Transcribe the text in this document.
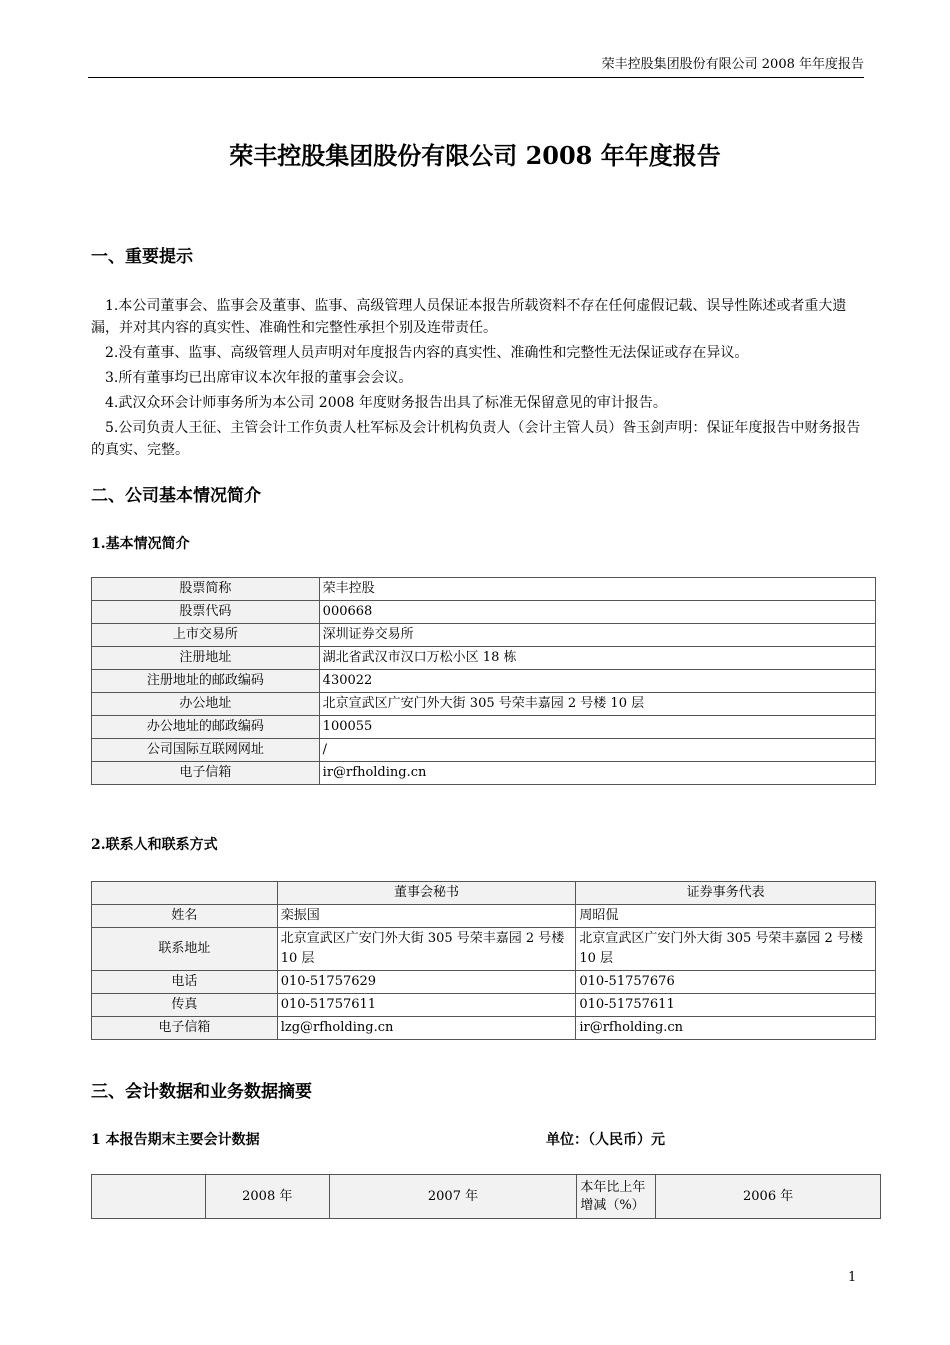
荣丰控股集团股份有限公司 2008 年年度报告
荣丰控股集团股份有限公司 2008 年年度报告
一、重要提示

1.本公司董事会、监事会及董事、监事、高级管理人员保证本报告所载资料不存在任何虚假记载、误导性陈述或者重大遗漏，并对其内容的真实性、准确性和完整性承担个别及连带责任。

2.没有董事、监事、高级管理人员声明对年度报告内容的真实性、准确性和完整性无法保证或存在异议。

3.所有董事均已出席审议本次年报的董事会会议。

4.武汉众环会计师事务所为本公司 2008 年度财务报告出具了标准无保留意见的审计报告。

5.公司负责人王征、主管会计工作负责人杜军标及会计机构负责人（会计主管人员）昝玉剑声明：保证年度报告中财务报告的真实、完整。

二、公司基本情况简介
1.基本情况简介
股票简称	荣丰控股
股票代码	000668
上市交易所	深圳证券交易所
注册地址	湖北省武汉市汉口万松小区 18 栋
注册地址的邮政编码	430022
办公地址	北京宣武区广安门外大街 305 号荣丰嘉园 2 号楼 10 层
办公地址的邮政编码	100055
公司国际互联网网址	/
电子信箱	ir@rfholding.cn
2.联系人和联系方式
	董事会秘书	证券事务代表
姓名	栾振国	周昭侃
联系地址	北京宣武区广安门外大街 305 号荣丰嘉园 2 号楼 10 层	北京宣武区广安门外大街 305 号荣丰嘉园 2 号楼 10 层
电话	010-51757629	010-51757676
传真	010-51757611	010-51757611
电子信箱	lzg@rfholding.cn	ir@rfholding.cn
三、会计数据和业务数据摘要
1 本报告期末主要会计数据	单位：（人民币）元
	2008 年	2007 年	本年比上年增减（%）	2006 年
1
